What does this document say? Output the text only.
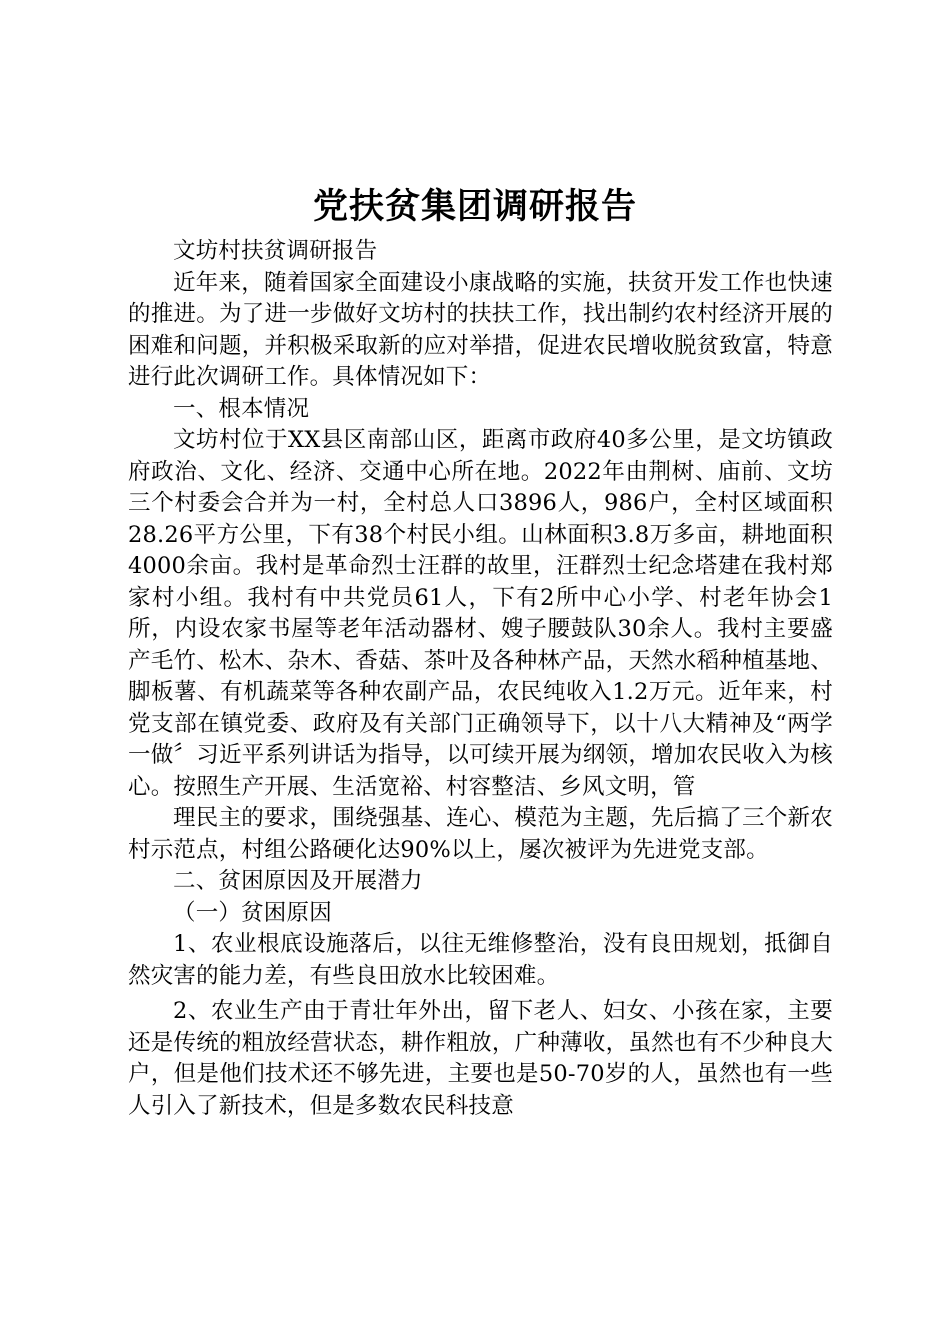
党扶贫集团调研报告

文坊村扶贫调研报告

近年来，随着国家全面建设小康战略的实施，扶贫开发工作也快速的推进。为了进一步做好文坊村的扶扶工作，找出制约农村经济开展的困难和问题，并积极采取新的应对举措，促进农民增收脱贫致富，特意进行此次调研工作。具体情况如下：

一、根本情况

文坊村位于XX县区南部山区，距离市政府40多公里，是文坊镇政府政治、文化、经济、交通中心所在地。2022年由荆树、庙前、文坊三个村委会合并为一村，全村总人口3896人，986户，全村区域面积28.26平方公里，下有38个村民小组。山林面积3.8万多亩，耕地面积4000余亩。我村是革命烈士汪群的故里，汪群烈士纪念塔建在我村郑家村小组。我村有中共党员61人，下有2所中心小学、村老年协会1所，内设农家书屋等老年活动器材、嫂子腰鼓队30余人。我村主要盛产毛竹、松木、杂木、香菇、茶叶及各种林产品，天然水稻种植基地、脚板薯、有机蔬菜等各种农副产品，农民纯收入1.2万元。近年来，村党支部在镇党委、政府及有关部门正确领导下，以十八大精神及“两学一做〞习近平系列讲话为指导，以可续开展为纲领，增加农民收入为核心。按照生产开展、生活宽裕、村容整洁、乡风文明，管

理民主的要求，围绕强基、连心、模范为主题，先后搞了三个新农村示范点，村组公路硬化达90%以上，屡次被评为先进党支部。

二、贫困原因及开展潜力

（一）贫困原因

1、农业根底设施落后，以往无维修整治，没有良田规划，抵御自然灾害的能力差，有些良田放水比较困难。

2、农业生产由于青壮年外出，留下老人、妇女、小孩在家，主要还是传统的粗放经营状态，耕作粗放，广种薄收，虽然也有不少种良大户，但是他们技术还不够先进，主要也是50-70岁的人，虽然也有一些人引入了新技术，但是多数农民科技意
